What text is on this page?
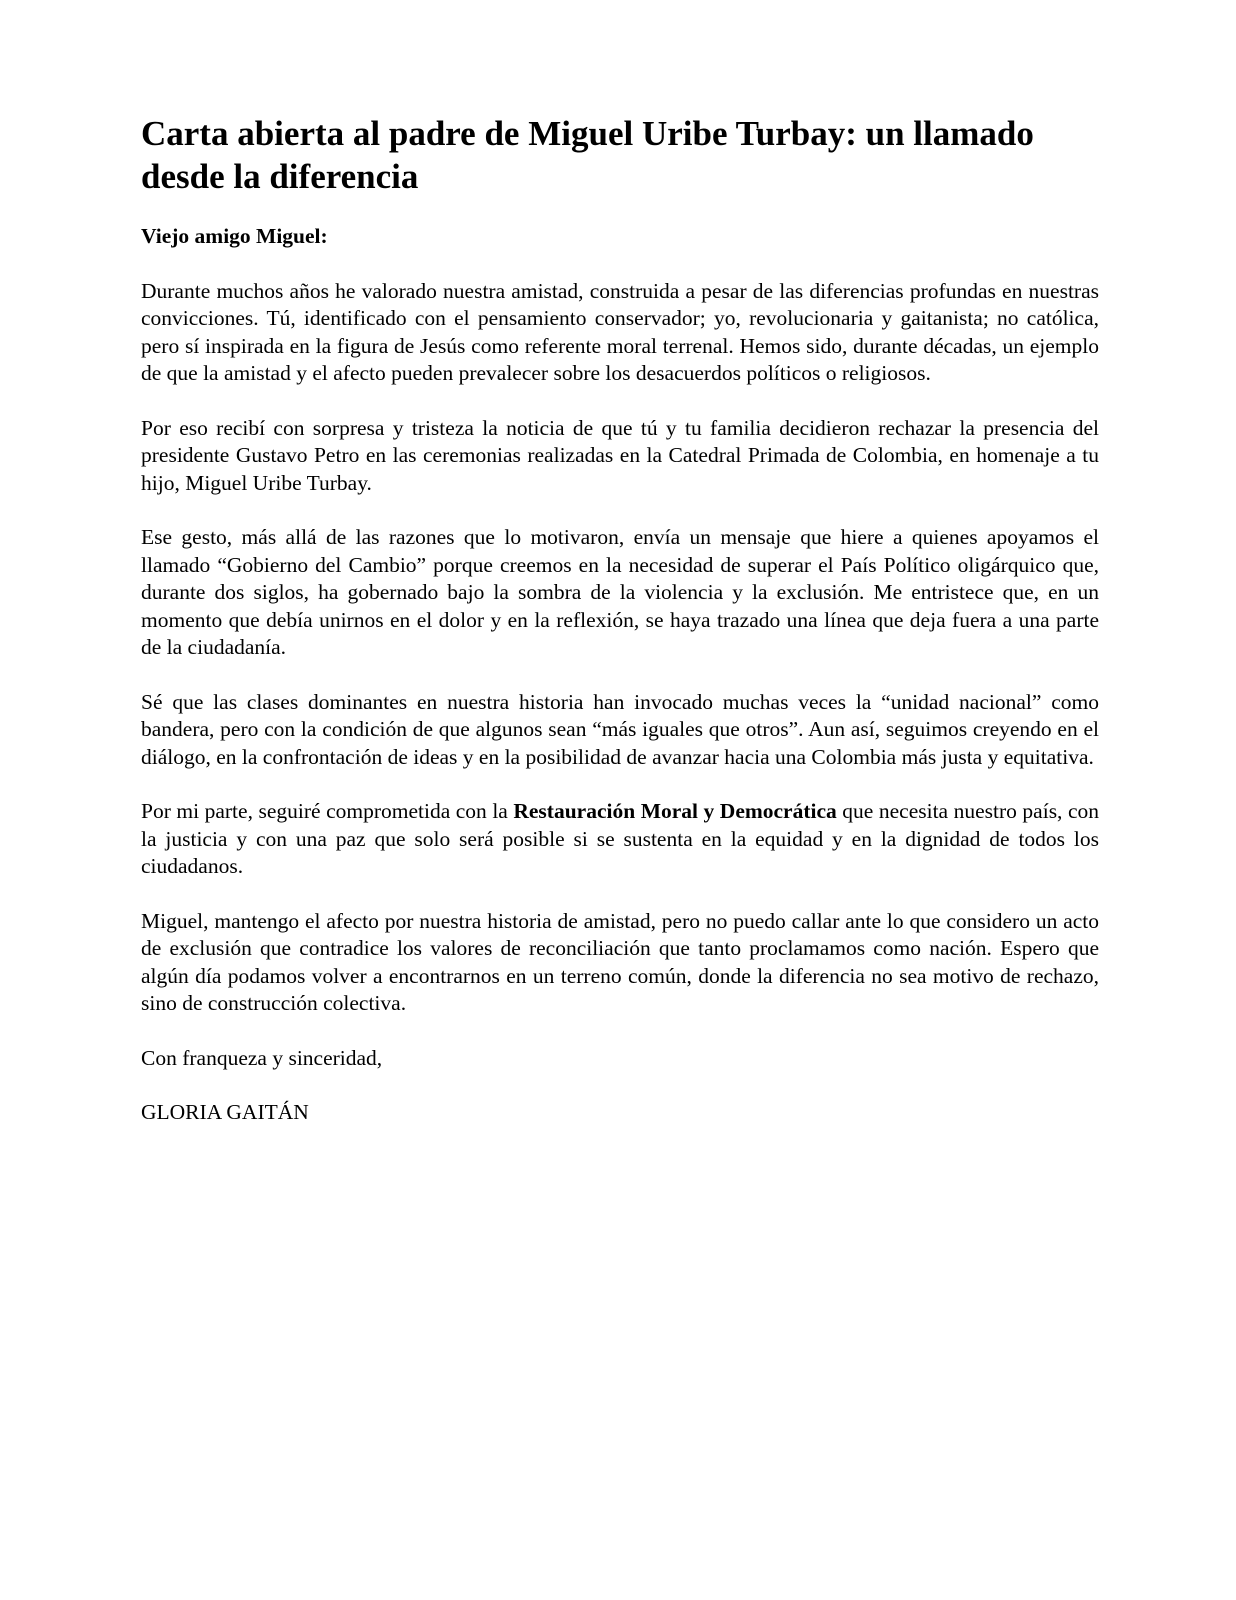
Carta abierta al padre de Miguel Uribe Turbay: un llamado desde la diferencia
Viejo amigo Miguel:

Durante muchos años he valorado nuestra amistad, construida a pesar de las diferencias profundas en nuestras convicciones. Tú, identificado con el pensamiento conservador; yo, revolucionaria y gaitanista; no católica, pero sí inspirada en la figura de Jesús como referente moral terrenal. Hemos sido, durante décadas, un ejemplo de que la amistad y el afecto pueden prevalecer sobre los desacuerdos políticos o religiosos.

Por eso recibí con sorpresa y tristeza la noticia de que tú y tu familia decidieron rechazar la presencia del presidente Gustavo Petro en las ceremonias realizadas en la Catedral Primada de Colombia, en homenaje a tu hijo, Miguel Uribe Turbay.

Ese gesto, más allá de las razones que lo motivaron, envía un mensaje que hiere a quienes apoyamos el llamado “Gobierno del Cambio” porque creemos en la necesidad de superar el País Político oligárquico que, durante dos siglos, ha gobernado bajo la sombra de la violencia y la exclusión. Me entristece que, en un momento que debía unirnos en el dolor y en la reflexión, se haya trazado una línea que deja fuera a una parte de la ciudadanía.

Sé que las clases dominantes en nuestra historia han invocado muchas veces la “unidad nacional” como bandera, pero con la condición de que algunos sean “más iguales que otros”. Aun así, seguimos creyendo en el diálogo, en la confrontación de ideas y en la posibilidad de avanzar hacia una Colombia más justa y equitativa.

Por mi parte, seguiré comprometida con la Restauración Moral y Democrática que necesita nuestro país, con la justicia y con una paz que solo será posible si se sustenta en la equidad y en la dignidad de todos los ciudadanos.

Miguel, mantengo el afecto por nuestra historia de amistad, pero no puedo callar ante lo que considero un acto de exclusión que contradice los valores de reconciliación que tanto proclamamos como nación. Espero que algún día podamos volver a encontrarnos en un terreno común, donde la diferencia no sea motivo de rechazo, sino de construcción colectiva.

Con franqueza y sinceridad,

GLORIA GAITÁN
